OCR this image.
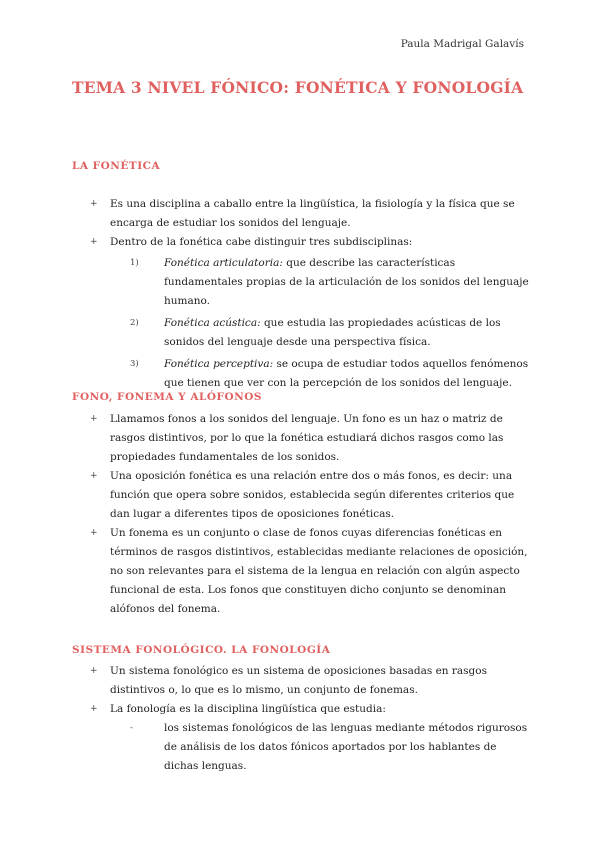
Paula Madrigal Galavís
TEMA 3 NIVEL FÓNICO: FONÉTICA Y FONOLOGÍA
LA FONÉTICA
+ Es una disciplina a caballo entre la lingüística, la fisiología y la física que se encarga de estudiar los sonidos del lenguaje.
+ Dentro de la fonética cabe distinguir tres subdisciplinas:
1) Fonética articulatoria: que describe las características fundamentales propias de la articulación de los sonidos del lenguaje humano.
2) Fonética acústica: que estudia las propiedades acústicas de los sonidos del lenguaje desde una perspectiva física.
3) Fonética perceptiva: se ocupa de estudiar todos aquellos fenómenos que tienen que ver con la percepción de los sonidos del lenguaje.
FONO, FONEMA Y ALÓFONOS
+ Llamamos fonos a los sonidos del lenguaje. Un fono es un haz o matriz de rasgos distintivos, por lo que la fonética estudiará dichos rasgos como las propiedades fundamentales de los sonidos.
+ Una oposición fonética es una relación entre dos o más fonos, es decir: una función que opera sobre sonidos, establecida según diferentes criterios que dan lugar a diferentes tipos de oposiciones fonéticas.
+ Un fonema es un conjunto o clase de fonos cuyas diferencias fonéticas en términos de rasgos distintivos, establecidas mediante relaciones de oposición, no son relevantes para el sistema de la lengua en relación con algún aspecto funcional de esta. Los fonos que constituyen dicho conjunto se denominan alófonos del fonema.
SISTEMA FONOLÓGICO. LA FONOLOGÍA
+ Un sistema fonológico es un sistema de oposiciones basadas en rasgos distintivos o, lo que es lo mismo, un conjunto de fonemas.
+ La fonología es la disciplina lingüística que estudia:
-	los sistemas fonológicos de las lenguas mediante métodos rigurosos de análisis de los datos fónicos aportados por los hablantes de dichas lenguas.
